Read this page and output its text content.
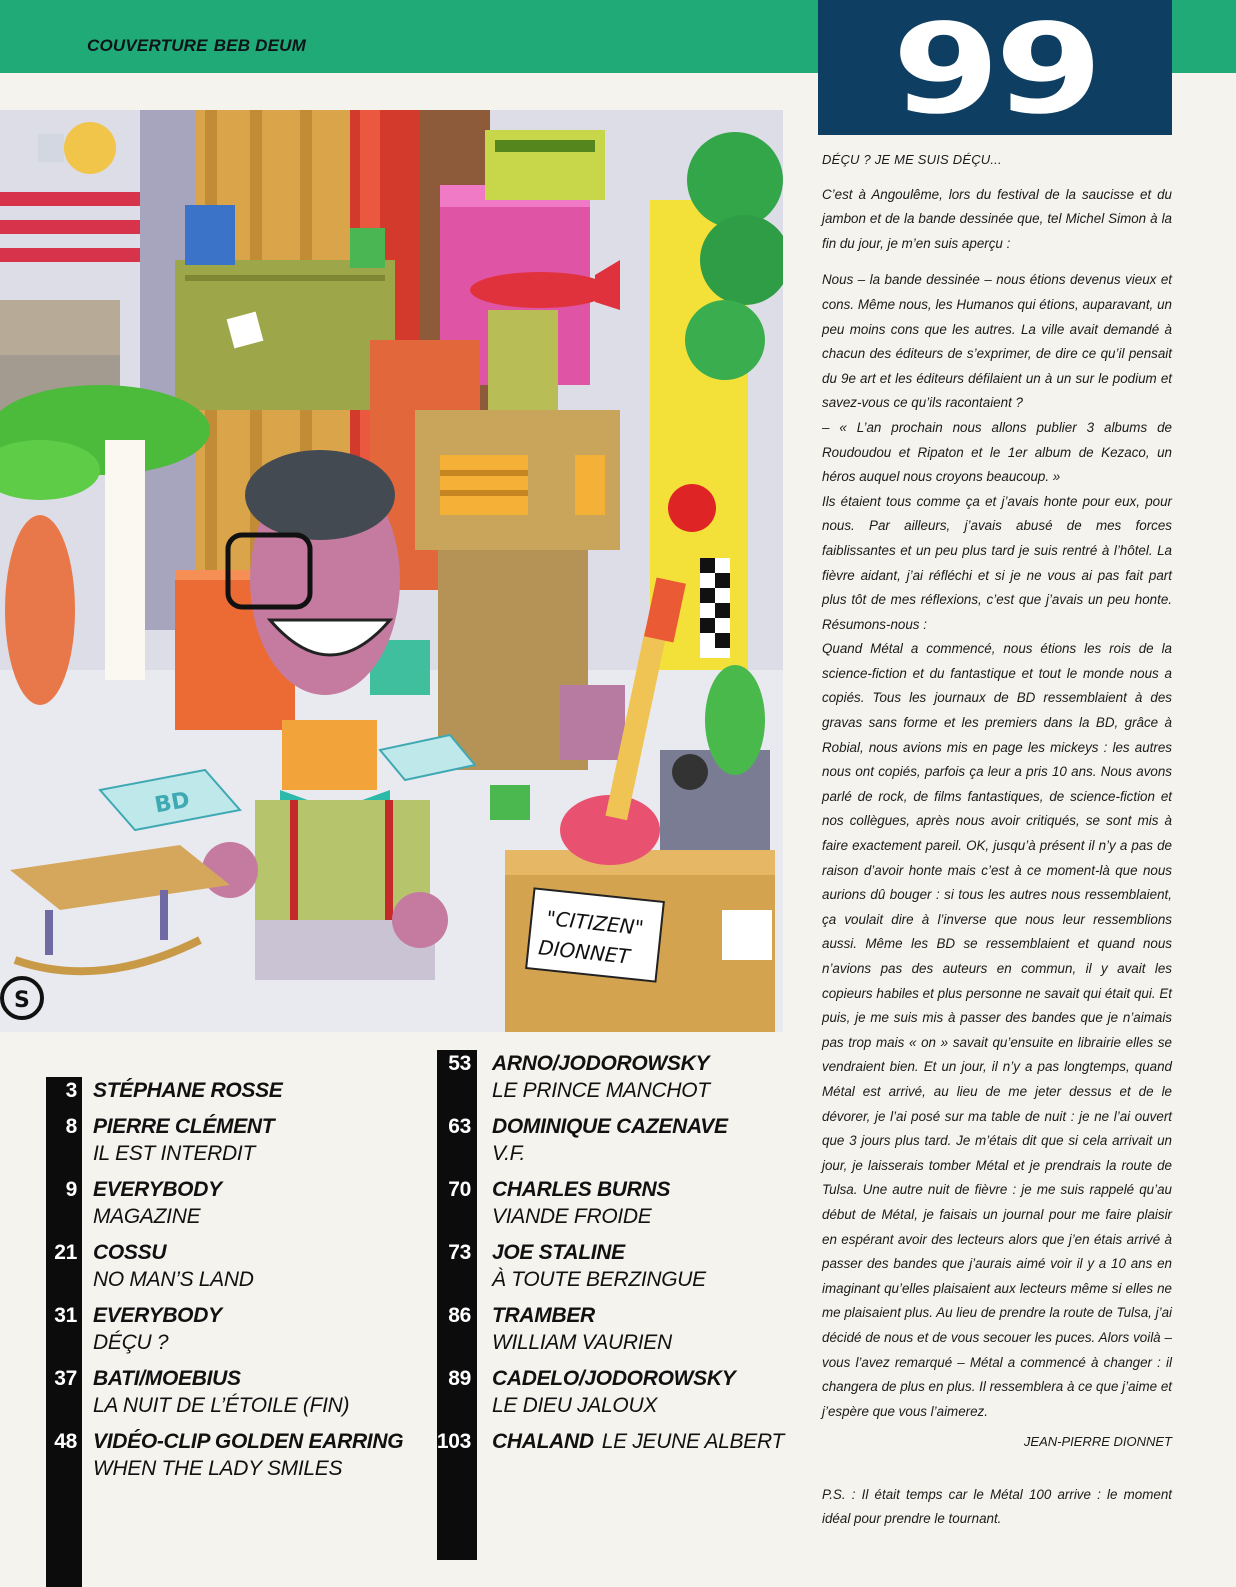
COUVERTURE BEB DEUM	99
BD
"CITIZEN"
DIONNET
S
DÉÇU ? JE ME SUIS DÉÇU...

C’est à Angoulême, lors du festival de la saucisse et du jambon et de la bande dessinée que, tel Michel Simon à la fin du jour, je m’en suis aperçu :

Nous – la bande dessinée – nous étions devenus vieux et cons. Même nous, les Humanos qui étions, auparavant, un peu moins cons que les autres. La ville avait demandé à chacun des éditeurs de s’exprimer, de dire ce qu’il pensait du 9e art et les éditeurs défilaient un à un sur le podium et savez-vous ce qu’ils racontaient ?

– « L’an prochain nous allons publier 3 albums de Roudoudou et Ripaton et le 1er album de Kezaco, un héros auquel nous croyons beaucoup. »

Ils étaient tous comme ça et j’avais honte pour eux, pour nous. Par ailleurs, j’avais abusé de mes forces faiblissantes et un peu plus tard je suis rentré à l’hôtel. La fièvre aidant, j’ai réfléchi et si je ne vous ai pas fait part plus tôt de mes réflexions, c’est que j’avais un peu honte. Résumons-nous :

Quand Métal a commencé, nous étions les rois de la science-fiction et du fantastique et tout le monde nous a copiés. Tous les journaux de BD ressemblaient à des gravas sans forme et les premiers dans la BD, grâce à Robial, nous avions mis en page les mickeys : les autres nous ont copiés, parfois ça leur a pris 10 ans. Nous avons parlé de rock, de films fantastiques, de science-fiction et nos collègues, après nous avoir critiqués, se sont mis à faire exactement pareil. OK, jusqu’à présent il n’y a pas de raison d’avoir honte mais c’est à ce moment-là que nous aurions dû bouger : si tous les autres nous ressemblaient, ça voulait dire à l’inverse que nous leur ressemblions aussi. Même les BD se ressemblaient et quand nous n’avions pas des auteurs en commun, il y avait les copieurs habiles et plus personne ne savait qui était qui. Et puis, je me suis mis à passer des bandes que je n’aimais pas trop mais « on » savait qu’ensuite en librairie elles se vendraient bien. Et un jour, il n’y a pas longtemps, quand Métal est arrivé, au lieu de me jeter dessus et de le dévorer, je l’ai posé sur ma table de nuit : je ne l’ai ouvert que 3 jours plus tard. Je m’étais dit que si cela arrivait un jour, je laisserais tomber Métal et je prendrais la route de Tulsa. Une autre nuit de fièvre : je me suis rappelé qu’au début de Métal, je faisais un journal pour me faire plaisir en espérant avoir des lecteurs alors que j’en étais arrivé à passer des bandes que j’aurais aimé voir il y a 10 ans en imaginant qu’elles plaisaient aux lecteurs même si elles ne me plaisaient plus. Au lieu de prendre la route de Tulsa, j’ai décidé de nous et de vous secouer les puces. Alors voilà – vous l’avez remarqué – Métal a commencé à changer : il changera de plus en plus. Il ressemblera à ce que j’aime et j’espère que vous l’aimerez.

JEAN-PIERRE DIONNET

P.S. : Il était temps car le Métal 100 arrive : le moment idéal pour prendre le tournant.

3 STÉPHANE ROSSE
8 PIERRE CLÉMENT
IL EST INTERDIT
9 EVERYBODY
MAGAZINE
21 COSSU
NO MAN’S LAND
31 EVERYBODY
DÉÇU ?
37 BATI/MOEBIUS
LA NUIT DE L’ÉTOILE (FIN)
48 VIDÉO-CLIP GOLDEN EARRING
WHEN THE LADY SMILES
53 ARNO/JODOROWSKY
LE PRINCE MANCHOT
63 DOMINIQUE CAZENAVE
V.F.
70 CHARLES BURNS
VIANDE FROIDE
73 JOE STALINE
À TOUTE BERZINGUE
86 TRAMBER
WILLIAM VAURIEN
89 CADELO/JODOROWSKY
LE DIEU JALOUX
103 CHALAND LE JEUNE ALBERT
